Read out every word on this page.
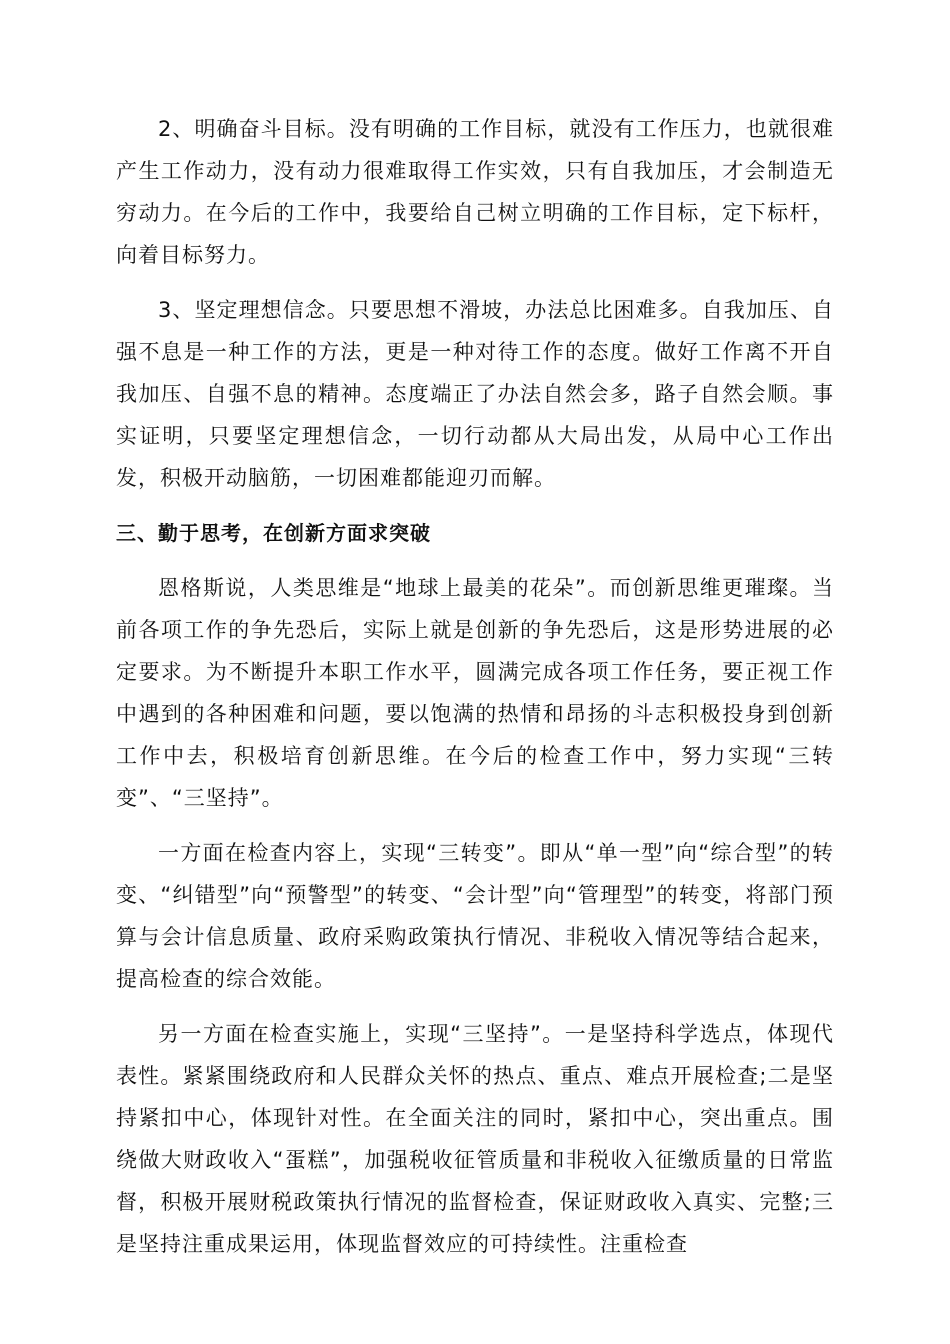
2、明确奋斗目标。没有明确的工作目标，就没有工作压力，也就很难产生工作动力，没有动力很难取得工作实效，只有自我加压，才会制造无穷动力。在今后的工作中，我要给自己树立明确的工作目标，定下标杆，向着目标努力。

3、坚定理想信念。只要思想不滑坡，办法总比困难多。自我加压、自强不息是一种工作的方法，更是一种对待工作的态度。做好工作离不开自我加压、自强不息的精神。态度端正了办法自然会多，路子自然会顺。事实证明，只要坚定理想信念，一切行动都从大局出发，从局中心工作出发，积极开动脑筋，一切困难都能迎刃而解。

三、勤于思考，在创新方面求突破

恩格斯说，人类思维是“地球上最美的花朵”。而创新思维更璀璨。当前各项工作的争先恐后，实际上就是创新的争先恐后，这是形势进展的必定要求。为不断提升本职工作水平，圆满完成各项工作任务，要正视工作中遇到的各种困难和问题，要以饱满的热情和昂扬的斗志积极投身到创新工作中去，积极培育创新思维。在今后的检查工作中，努力实现“三转变”、“三坚持”。

一方面在检查内容上，实现“三转变”。即从“单一型”向“综合型”的转变、“纠错型”向“预警型”的转变、“会计型”向“管理型”的转变，将部门预算与会计信息质量、政府采购政策执行情况、非税收入情况等结合起来，提高检查的综合效能。

另一方面在检查实施上，实现“三坚持”。一是坚持科学选点，体现代表性。紧紧围绕政府和人民群众关怀的热点、重点、难点开展检查;二是坚持紧扣中心，体现针对性。在全面关注的同时，紧扣中心，突出重点。围绕做大财政收入“蛋糕”，加强税收征管质量和非税收入征缴质量的日常监督，积极开展财税政策执行情况的监督检查，保证财政收入真实、完整;三是坚持注重成果运用，体现监督效应的可持续性。注重检查
